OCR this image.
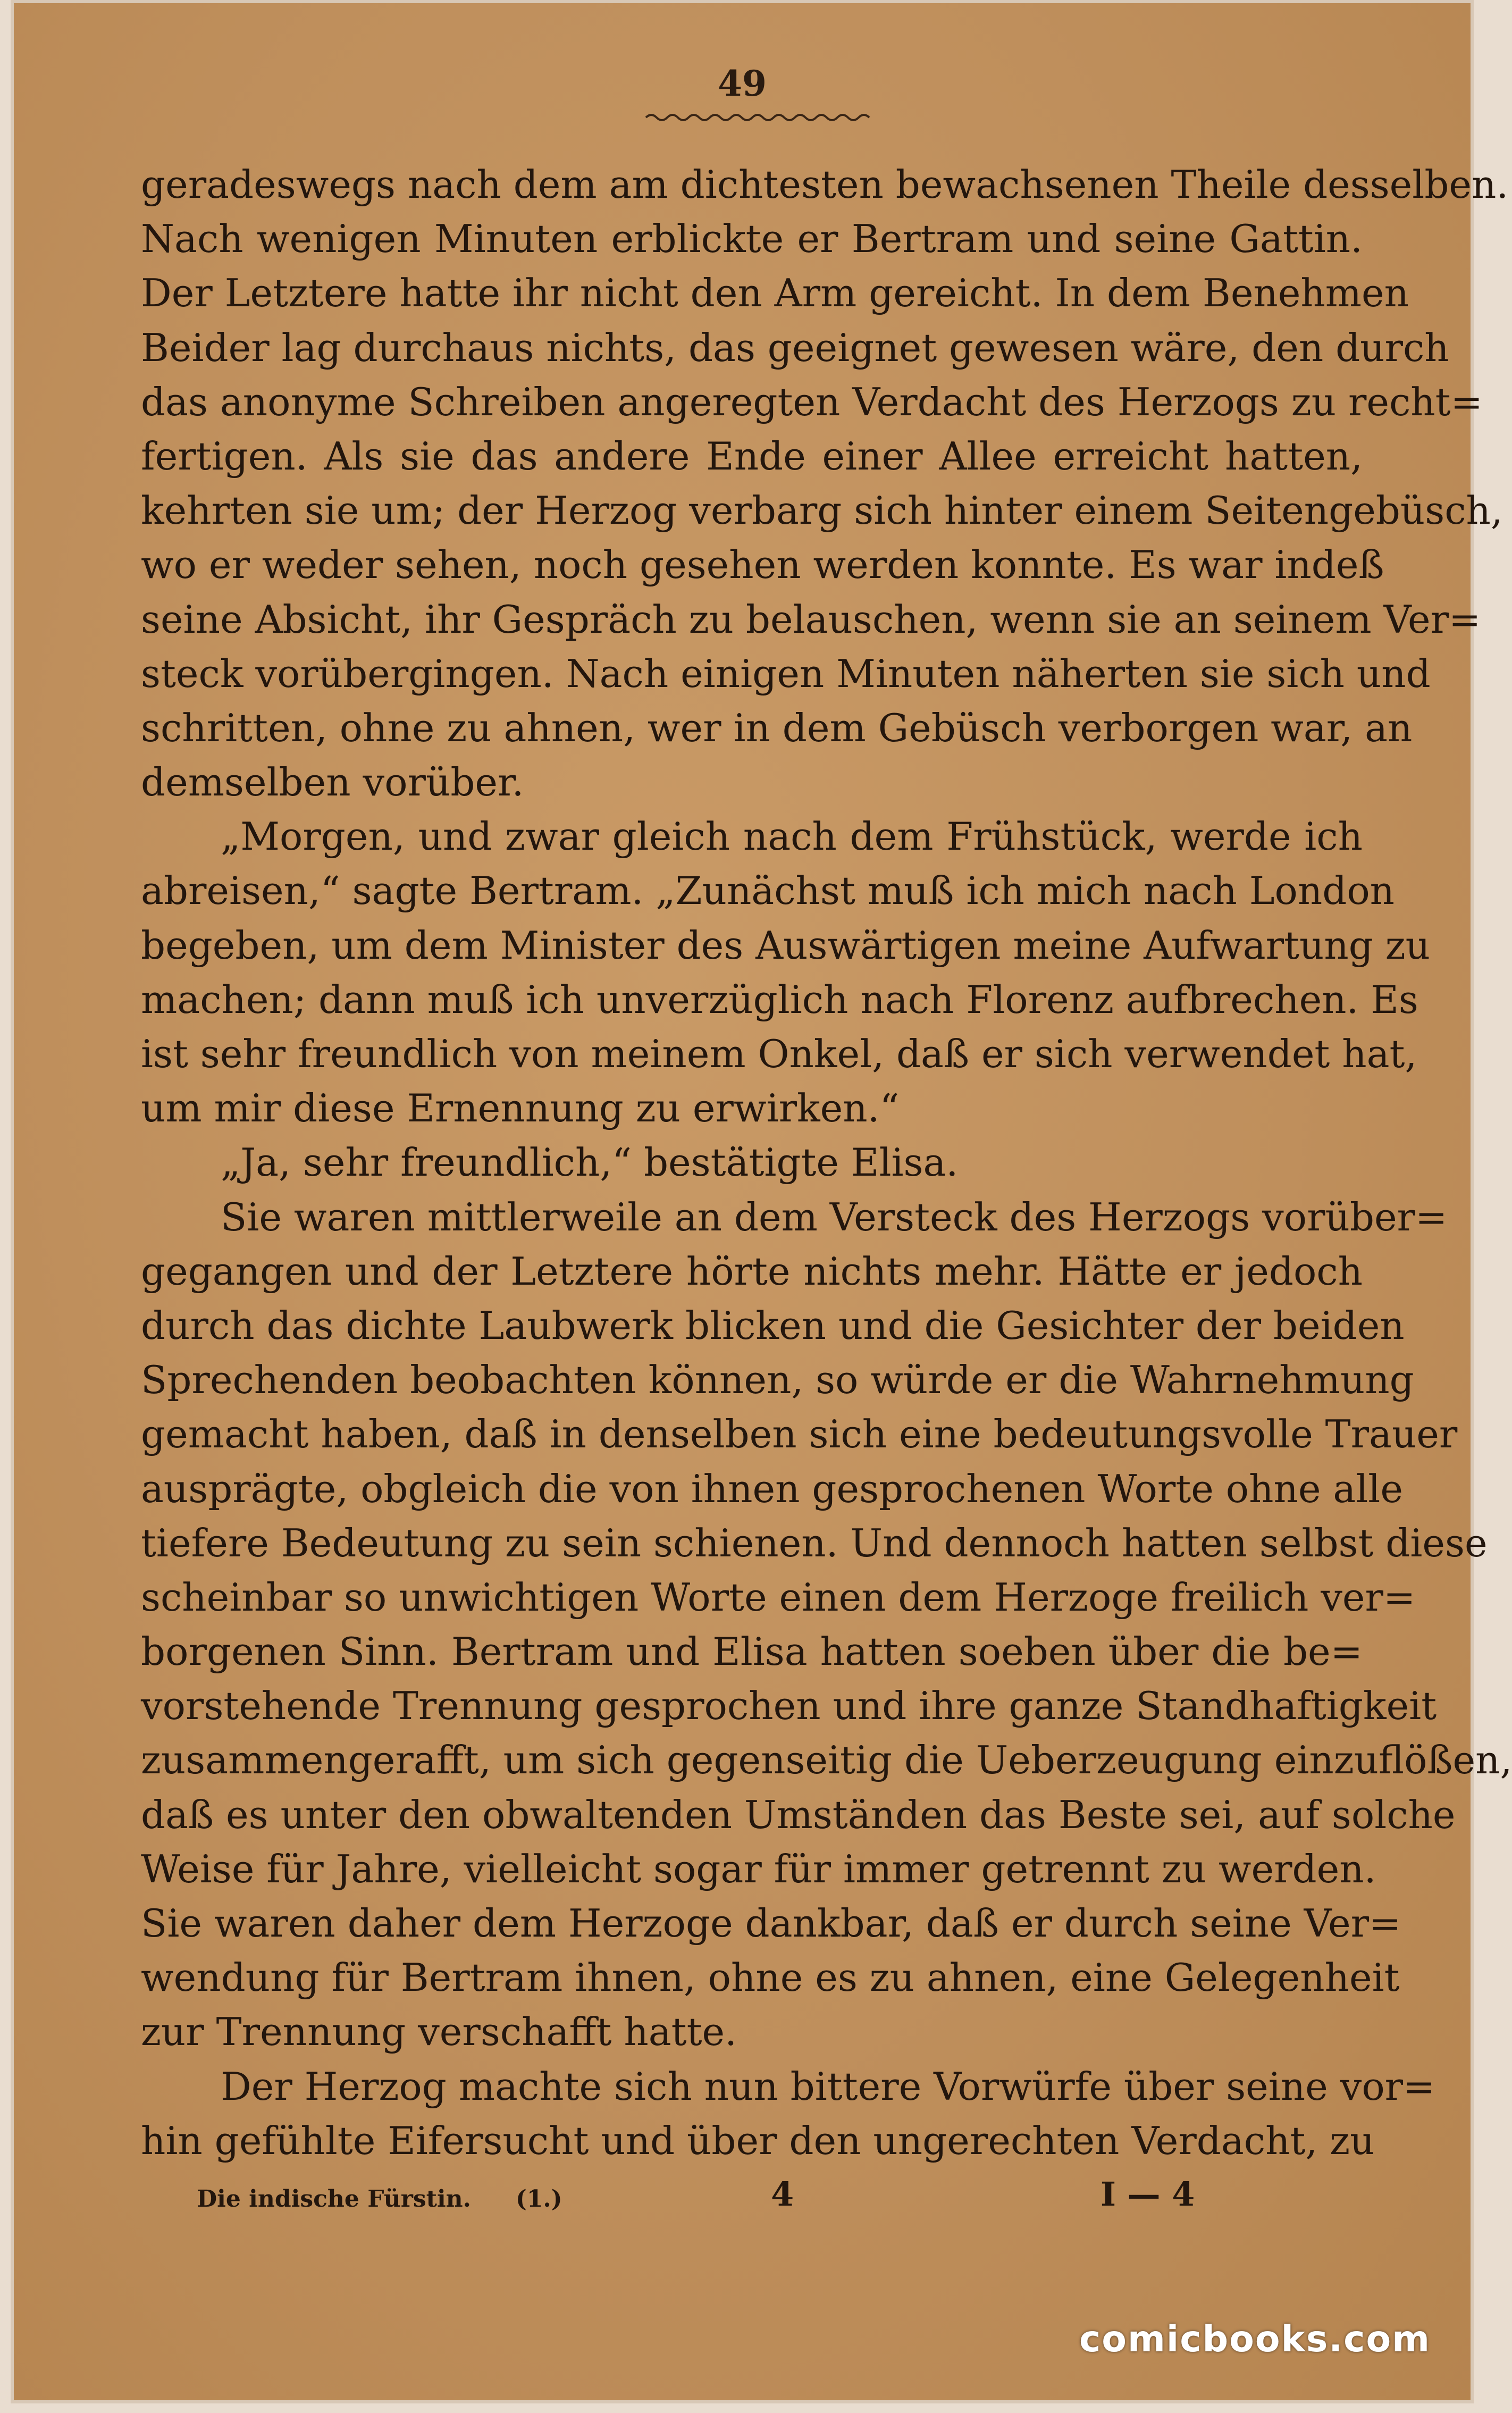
49
geradeswegs nach dem am dichtesten bewachsenen Theile desselben.
Nach wenigen Minuten erblickte er Bertram und seine Gattin.
Der Letztere hatte ihr nicht den Arm gereicht. In dem Benehmen
Beider lag durchaus nichts, das geeignet gewesen wäre, den durch
das anonyme Schreiben angeregten Verdacht des Herzogs zu recht=
fertigen. Als sie das andere Ende einer Allee erreicht hatten,
kehrten sie um; der Herzog verbarg sich hinter einem Seitengebüsch,
wo er weder sehen, noch gesehen werden konnte. Es war indeß
seine Absicht, ihr Gespräch zu belauschen, wenn sie an seinem Ver=
steck vorübergingen. Nach einigen Minuten näherten sie sich und
schritten, ohne zu ahnen, wer in dem Gebüsch verborgen war, an
demselben vorüber.
„Morgen, und zwar gleich nach dem Frühstück, werde ich
abreisen,“ sagte Bertram. „Zunächst muß ich mich nach London
begeben, um dem Minister des Auswärtigen meine Aufwartung zu
machen; dann muß ich unverzüglich nach Florenz aufbrechen. Es
ist sehr freundlich von meinem Onkel, daß er sich verwendet hat,
um mir diese Ernennung zu erwirken.“
„Ja, sehr freundlich,“ bestätigte Elisa.
Sie waren mittlerweile an dem Versteck des Herzogs vorüber=
gegangen und der Letztere hörte nichts mehr. Hätte er jedoch
durch das dichte Laubwerk blicken und die Gesichter der beiden
Sprechenden beobachten können, so würde er die Wahrnehmung
gemacht haben, daß in denselben sich eine bedeutungsvolle Trauer
ausprägte, obgleich die von ihnen gesprochenen Worte ohne alle
tiefere Bedeutung zu sein schienen. Und dennoch hatten selbst diese
scheinbar so unwichtigen Worte einen dem Herzoge freilich ver=
borgenen Sinn. Bertram und Elisa hatten soeben über die be=
vorstehende Trennung gesprochen und ihre ganze Standhaftigkeit
zusammengerafft, um sich gegenseitig die Ueberzeugung einzuflößen,
daß es unter den obwaltenden Umständen das Beste sei, auf solche
Weise für Jahre, vielleicht sogar für immer getrennt zu werden.
Sie waren daher dem Herzoge dankbar, daß er durch seine Ver=
wendung für Bertram ihnen, ohne es zu ahnen, eine Gelegenheit
zur Trennung verschafft hatte.
Der Herzog machte sich nun bittere Vorwürfe über seine vor=
hin gefühlte Eifersucht und über den ungerechten Verdacht, zu
Die indische Fürstin. (1.)	4	I — 4
comicbooks.com
